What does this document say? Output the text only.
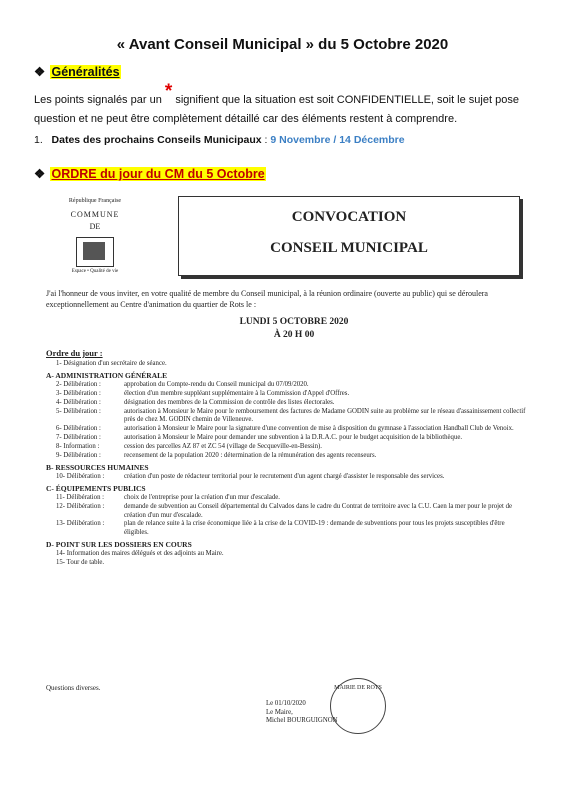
« Avant Conseil Municipal » du 5 Octobre 2020
❖ Généralités
Les points signalés par un * signifient que la situation est soit CONFIDENTIELLE, soit le sujet pose question et ne peut être complètement détaillé car des éléments restent à comprendre.
1. Dates des prochains Conseils Municipaux : 9 Novembre / 14 Décembre
❖ ORDRE du jour du CM du 5 Octobre
République Française
COMMUNE
DE
Espace • Qualité de vie
CONVOCATION
CONSEIL MUNICIPAL
J'ai l'honneur de vous inviter, en votre qualité de membre du Conseil municipal, à la réunion ordinaire (ouverte au public) qui se déroulera exceptionnellement au Centre d'animation du quartier de Rots le :
LUNDI 5 OCTOBRE 2020
À 20 H 00
Ordre du jour :
1- Désignation d'un secrétaire de séance.
A- ADMINISTRATION GÉNÉRALE
2- Délibération :	approbation du Compte-rendu du Conseil municipal du 07/09/2020.
3- Délibération :	élection d'un membre suppléant supplémentaire à la Commission d'Appel d'Offres.
4- Délibération :	désignation des membres de la Commission de contrôle des listes électorales.
5- Délibération :	autorisation à Monsieur le Maire pour le remboursement des factures de Madame GODIN suite au problème sur le réseau d'assainissement collectif près de chez M. GODIN chemin de Villeneuve.
6- Délibération :	autorisation à Monsieur le Maire pour la signature d'une convention de mise à disposition du gymnase à l'association Handball Club de Venoix.
7- Délibération :	autorisation à Monsieur le Maire pour demander une subvention à la D.R.A.C. pour le budget acquisition de la bibliothèque.
8- Information :	cession des parcelles AZ 87 et ZC 54 (village de Secqueville-en-Bessin).
9- Délibération :	recensement de la population 2020 : détermination de la rémunération des agents recenseurs.
B- RESSOURCES HUMAINES
10- Délibération :	création d'un poste de rédacteur territorial pour le recrutement d'un agent chargé d'assister le responsable des services.
C- ÉQUIPEMENTS PUBLICS
11- Délibération :	choix de l'entreprise pour la création d'un mur d'escalade.
12- Délibération :	demande de subvention au Conseil départemental du Calvados dans le cadre du Contrat de territoire avec la C.U. Caen la mer pour le projet de création d'un mur d'escalade.
13- Délibération :	plan de relance suite à la crise économique liée à la crise de la COVID-19 : demande de subventions pour tous les projets susceptibles d'être éligibles.
D- POINT SUR LES DOSSIERS EN COURS
14- Information des maires délégués et des adjoints au Maire.
15- Tour de table.
Questions diverses.	MAIRIE DE ROTS
Le 01/10/2020
Le Maire,
Michel BOURGUIGNON
